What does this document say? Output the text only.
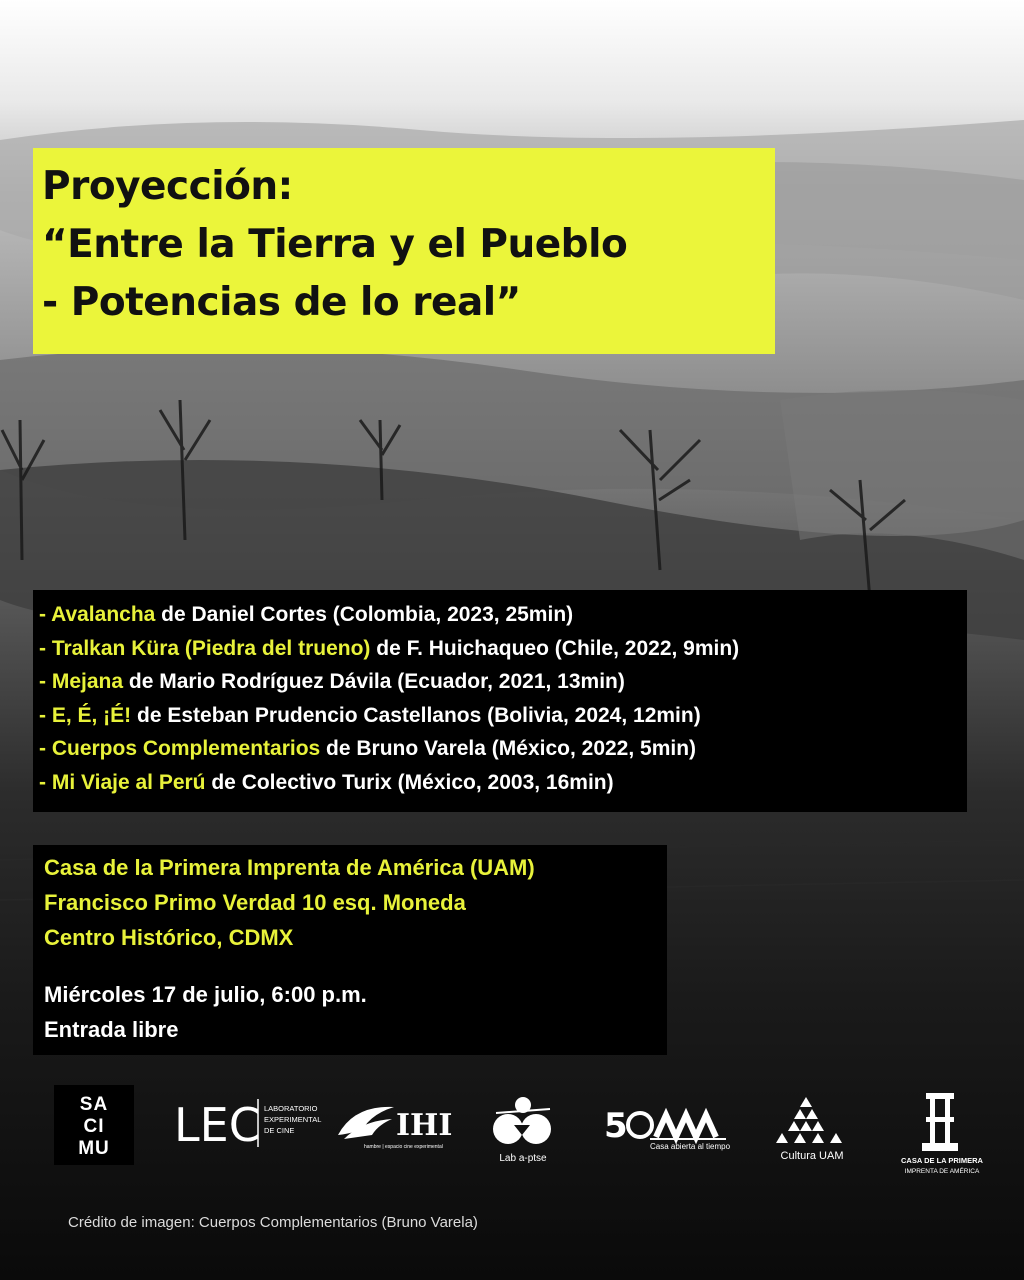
Proyección:
“Entre la Tierra y el Pueblo
- Potencias de lo real”
- Avalancha de Daniel Cortes (Colombia, 2023, 25min)
- Tralkan Küra (Piedra del trueno) de F. Huichaqueo (Chile, 2022, 9min)
- Mejana de Mario Rodríguez Dávila (Ecuador, 2021, 13min)
- E, É, ¡É! de Esteban Prudencio Castellanos (Bolivia, 2024, 12min)
- Cuerpos Complementarios de Bruno Varela (México, 2022, 5min)
- Mi Viaje al Perú de Colectivo Turix (México, 2003, 16min)
Casa de la Primera Imprenta de América (UAM)
Francisco Primo Verdad 10 esq. Moneda
Centro Histórico, CDMX
Miércoles 17 de julio, 6:00 p.m.
Entrada libre
SA
CI
MU	LEC LABORATORIO
EXPERIMENTAL
DE CINE	IHI
hambre | espacio cine experimental
Lab a-ptse
5
Casa abierta al tiempo
Cultura UAM	CASA DE LA PRIMERA
IMPRENTA DE AMÉRICA
Crédito de imagen: Cuerpos Complementarios (Bruno Varela)
